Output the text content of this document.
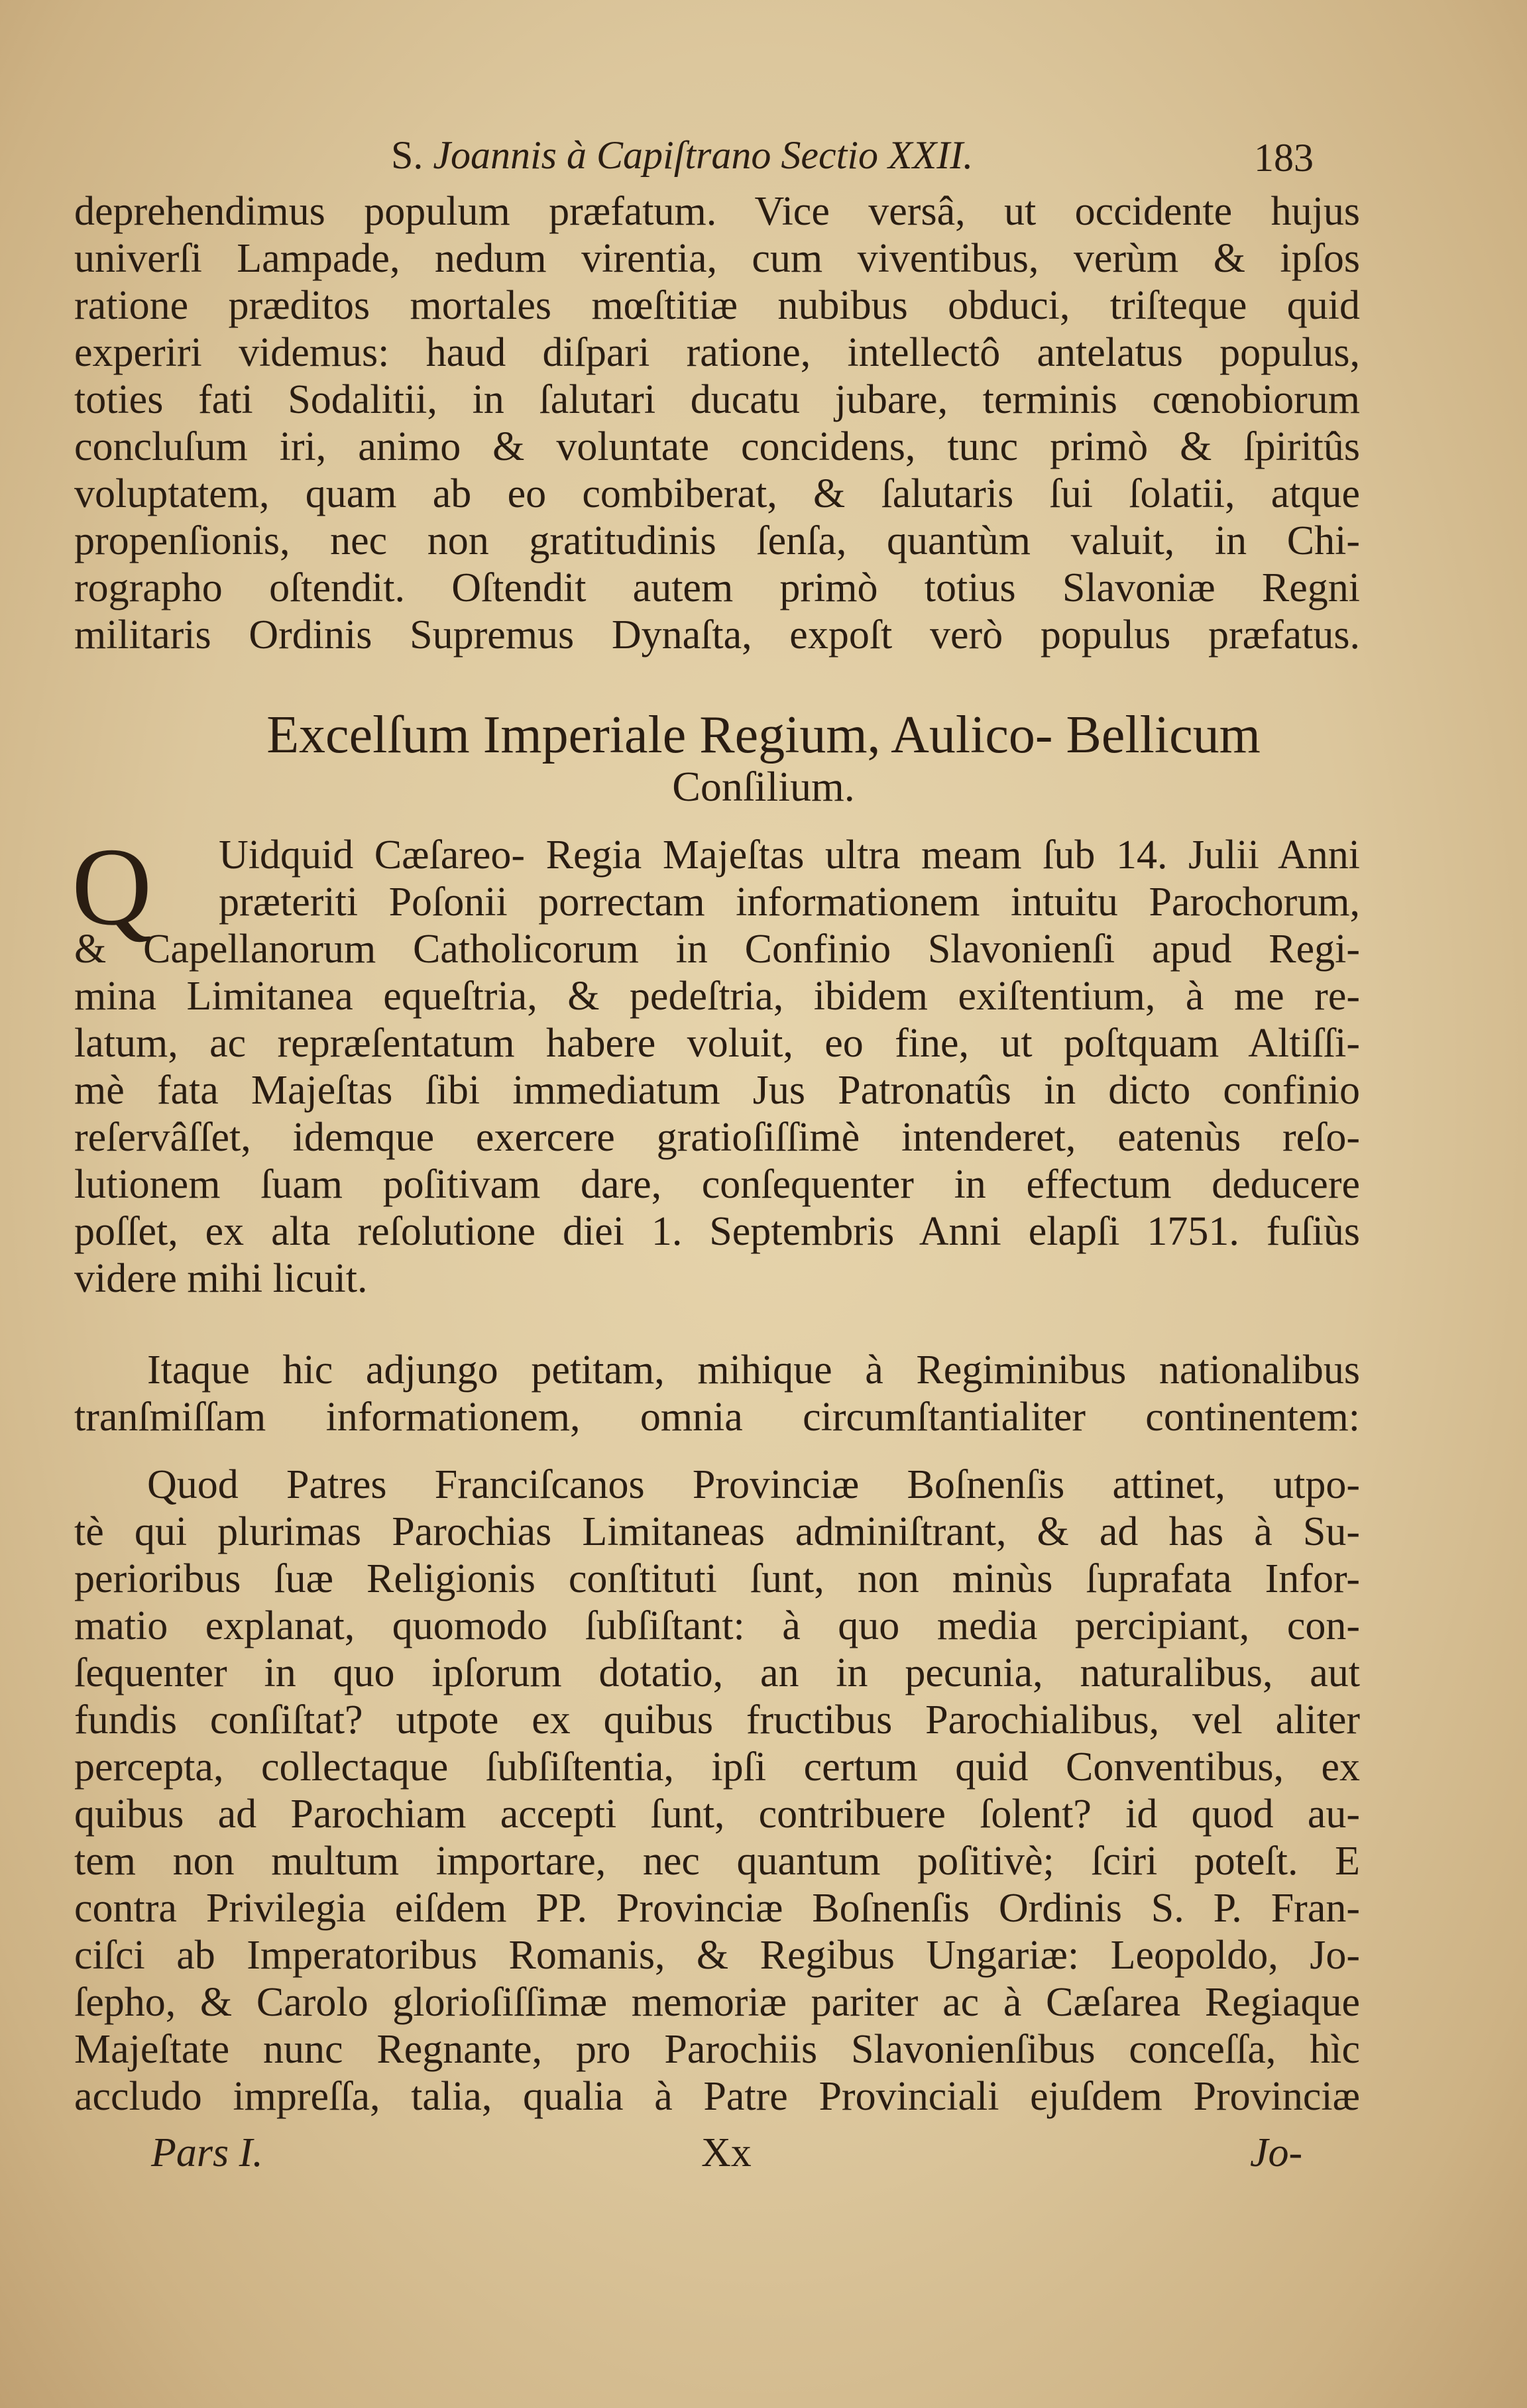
S. Joannis à Capiſtrano Sectio XXII.	183
deprehendimus populum præfatum. Vice versâ, ut occidente hujus
univerſi Lampade, nedum virentia, cum viventibus, verùm & ipſos
ratione præditos mortales mœſtitiæ nubibus obduci, triſteque quid
experiri videmus: haud diſpari ratione, intellectô antelatus populus,
toties fati Sodalitii, in ſalutari ducatu jubare, terminis cœnobiorum
concluſum iri, animo & voluntate concidens, tunc primò & ſpiritûs
voluptatem, quam ab eo combiberat, & ſalutaris ſui ſolatii, atque
propenſionis, nec non gratitudinis ſenſa, quantùm valuit, in Chi-
rographo oſtendit. Oſtendit autem primò totius Slavoniæ Regni
militaris Ordinis Supremus Dynaſta, expoſt verò populus præfatus.
Excelſum Imperiale Regium, Aulico- Bellicum
Conſilium.
Q	Uidquid Cæſareo- Regia Majeſtas ultra meam ſub 14. Julii Anni
præteriti Poſonii porrectam informationem intuitu Parochorum,
& Capellanorum Catholicorum in Confinio Slavonienſi apud Regi-
mina Limitanea equeſtria, & pedeſtria, ibidem exiſtentium, à me re-
latum, ac repræſentatum habere voluit, eo fine, ut poſtquam Altiſſi-
mè fata Majeſtas ſibi immediatum Jus Patronatûs in dicto confinio
reſervâſſet, idemque exercere gratioſiſſimè intenderet, eatenùs reſo-
lutionem ſuam poſitivam dare, conſequenter in effectum deducere
poſſet, ex alta reſolutione diei 1. Septembris Anni elapſi 1751. fuſiùs
videre mihi licuit.
Itaque hic adjungo petitam, mihique à Regiminibus nationalibus
tranſmiſſam informationem, omnia circumſtantialiter continentem:
Quod Patres Franciſcanos Provinciæ Boſnenſis attinet, utpo-
tè qui plurimas Parochias Limitaneas adminiſtrant, & ad has à Su-
perioribus ſuæ Religionis conſtituti ſunt, non minùs ſuprafata Infor-
matio explanat, quomodo ſubſiſtant: à quo media percipiant, con-
ſequenter in quo ipſorum dotatio, an in pecunia, naturalibus, aut
fundis conſiſtat? utpote ex quibus fructibus Parochialibus, vel aliter
percepta, collectaque ſubſiſtentia, ipſi certum quid Conventibus, ex
quibus ad Parochiam accepti ſunt, contribuere ſolent? id quod au-
tem non multum importare, nec quantum poſitivè; ſciri poteſt. E
contra Privilegia eiſdem PP. Provinciæ Boſnenſis Ordinis S. P. Fran-
ciſci ab Imperatoribus Romanis, & Regibus Ungariæ: Leopoldo, Jo-
ſepho, & Carolo glorioſiſſimæ memoriæ pariter ac à Cæſarea Regiaque
Majeſtate nunc Regnante, pro Parochiis Slavonienſibus conceſſa, hìc
accludo impreſſa, talia, qualia à Patre Provinciali ejuſdem Provinciæ
Pars I.	Xx	Jo-
